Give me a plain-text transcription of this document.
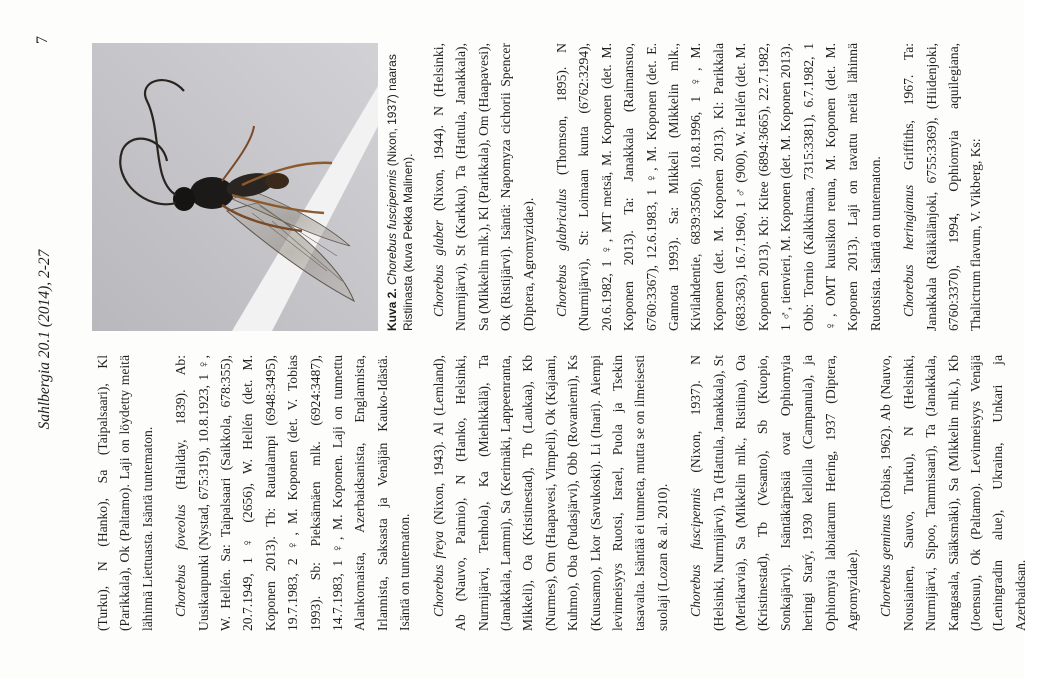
Sahlbergia 20.1 (2014), 2-27
7

(Turku), N (Hanko), Sa (Taipalsaari), Kl (Parikkala), Ok (Paltamo). Laji on löydetty meitä lähinnä Liettuasta. Isäntä tuntematon.	Chorebus foveolus (Haliday, 1839). Ab: Uusikaupunki (Nystad, 675:319), 10.8.1923, 1 ♀, W. Hellén. Sa: Taipalsaari (Saikkola, 678:355), 20.7.1949, 1 ♀ (2656), W. Hellén (det. M. Koponen 2013). Tb: Rautalampi (6948:3495), 19.7.1983, 2 ♀, M. Koponen (det. V. Tobias 1993). Sb: Pieksämäen mlk. (6924:3487), 14.7.1983, 1 ♀, M. Koponen. Laji on tunnettu Alankomaista, Azerbaidsanista, Englannista, Irlannista, Saksasta ja Venäjän Kauko-Idästä. Isäntä on tuntematon.	Chorebus freya (Nixon, 1943). Al (Lemland), Ab (Nauvo, Paimio), N (Hanko, Helsinki, Nurmijärvi, Tenhola), Ka (Miehikkälä), Ta (Janakkala, Lammi), Sa (Kerimäki, Lappeenranta, Mikkeli), Oa (Kristinestad), Tb (Laukaa), Kb (Nurmes), Om (Haapavesi, Vimpeli), Ok (Kajaani, Kuhmo), Oba (Pudasjärvi), Obb (Rovaniemi), Ks (Kuusamo), Lkor (Savukoski). Li (Inari). Aiempi levinneisyys Ruotsi, Israel, Puola ja Tsekin tasavalta. Isäntää ei tunneta, mutta se on ilmeisesti suolaji (Lozan & al. 2010).	Chorebus fuscipennis (Nixon, 1937). N (Helsinki, Nurmijärvi), Ta (Hattula, Janakkala), St (Merikarvia), Sa (Mikkelin mlk., Ristiina), Oa (Kristinestad), Tb (Vesanto), Sb (Kuopio, Sonkajärvi). Isäntäkärpäsiä ovat Ophiomyia heringi Starý, 1930 kelloilla (Campanula), ja Ophiomyia labiatarum Hering, 1937 (Diptera, Agromyzidae).	Chorebus geminus (Tobias, 1962). Ab (Nauvo, Nousiainen, Sauvo, Turku), N (Helsinki, Nurmijärvi, Sipoo, Tammisaari), Ta (Janakkala, Kangasala, Sääksmäki), Sa (Mikkelin mlk.), Kb (Joensuu), Ok (Paltamo). Levinneisyys Venäjä (Leningradin alue), Ukraina, Unkari ja Azerbaidsan.

Kuva 2. Chorebus fuscipennis (Nixon, 1937) naaras Ristiinasta (kuva Pekka Malinen). Chorebus glaber (Nixon, 1944). N (Helsinki, Nurmijärvi), St (Karkku), Ta (Hattula, Janakkala), Sa (Mikkelin mlk.), Kl (Parikkala), Om (Haapavesi), Ok (Ristijärvi). Isäntä: Napomyza cichorii Spencer (Diptera, Agromyzidae).	Chorebus glabriculus (Thomson, 1895). N (Nurmijärvi), St: Loimaan kunta (6762:3294), 20.6.1982, 1 ♀, MT metsä, M. Koponen (det. M. Koponen 2013). Ta: Janakkala (Raimansuo, 6760:3367), 12.6.1983, 1 ♀, M. Koponen (det. E. Gannota 1993). Sa: Mikkeli (Mikkelin mlk., Kivilahdentie, 6839:3506), 10.8.1996, 1 ♀, M. Koponen (det. M. Koponen 2013). Kl: Parikkala (683:363), 16.7.1960, 1 ♂ (900), W. Hellén (det. M. Koponen 2013). Kb: Kitee (6894:3665), 22.7.1982, 1 ♂, tienvieri, M. Koponen (det. M. Koponen 2013). Obb: Tornio (Kalkkimaa, 7315:3381), 6.7.1982, 1 ♀, OMT kuusikon reuna, M. Koponen (det. M. Koponen 2013). Laji on tavattu meitä lähinnä Ruotsista. Isäntä on tuntematon.	Chorebus heringianus Griffiths, 1967. Ta: Janakkala (Räikälänjoki, 6755:3369), (Hiidenjoki, 6760:3370), 1994, Ophiomyia aquilegiana, Thalictrum flavum, V. Vikberg, Ks:
